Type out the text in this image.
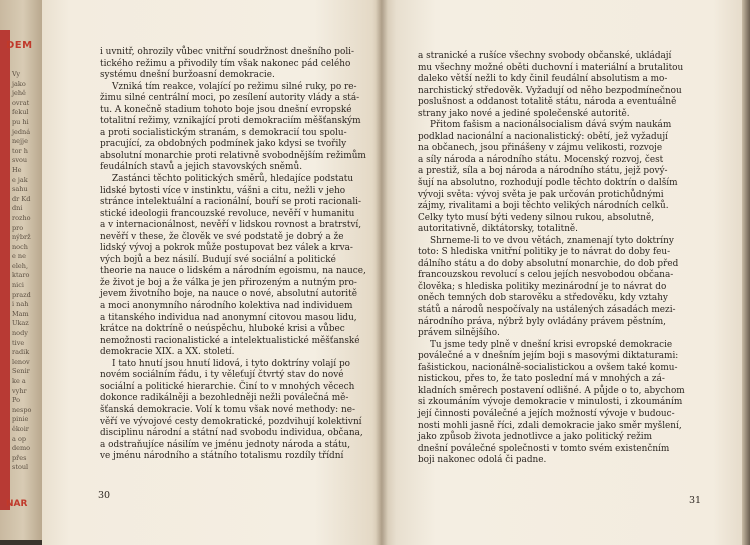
DEM
Vy
jako
jehě
ovrat
fekul
pu hi
jedná
nejje
tor h
svou
He
e jak
sahu
dr Kd
dni
rozho
pro
nýbrž
noch
e ne
eleh,
ktaro
nici
prazd
i nah
Mam
Ukaz
nody
tive
radik
lenov
Senir
ke a
vyhr
Po
nespo
pinie
ěkoir
a op
demo
přes
stoul
NAR
i uvnitř, ohrozily vůbec vnitřní soudržnost dnešního poli-
tického režimu a přivodily tím však nakonec pád celého
systému dnešní buržoasní demokracie.
Vzniká tím reakce, volající po režimu silné ruky, po re-
žimu silné centrální moci, po zesílení autority vlády a stá-
tu. A konečně stadium tohoto boje jsou dnešní evropské
totalitní režimy, vznikající proti demokraciím měšťanským
a proti socialistickým stranám, s demokracií tou spolu-
pracující, za obdobných podmínek jako kdysi se tvořily
absolutní monarchie proti relativně svobodnějším režimům
feudálních stavů a jejich stavovských sněmů.
Zastánci těchto politických směrů, hledajíce podstatu
lidské bytosti více v instinktu, vášni a citu, nežli v jeho
stránce intelektuální a racionální, bouří se proti racionali-
stické ideologii francouzské revoluce, nevěří v humanitu
a v internacionálnost, nevěří v lidskou rovnost a bratrství,
nevěří v these, že člověk ve své podstatě je dobrý a že
lidský vývoj a pokrok může postupovat bez válek a krva-
vých bojů a bez násilí. Budují své sociální a politické
theorie na nauce o lidském a národním egoismu, na nauce,
že život je boj a že válka je jen přirozeným a nutným pro-
jevem životního boje, na nauce o nové, absolutní autoritě
a moci anonymního národního kolektiva nad individuem
a titanského individua nad anonymní citovou masou lidu,
krátce na doktríně o neúspěchu, hluboké krisi a vůbec
nemožnosti racionalistické a intelektualistické měšťanské
demokracie XIX. a XX. století.
I tato hnutí jsou hnutí lidová, i tyto doktríny volají po
novém sociálním řádu, i ty věleťují čtvrtý stav do nové
sociální a politické hierarchie. Činí to v mnohých věcech
dokonce radikálněji a bezohledněji nežli poválečná mě-
šťanská demokracie. Volí k tomu však nové methody: ne-
věří ve vývojové cesty demokratické, pozdvihují kolektivní
disciplinu národní a státní nad svobodu individua, občana,
a odstraňujíce násilím ve jménu jednoty národa a státu,
ve jménu národního a státního totalismu rozdíly třídní
30
a stranické a rušíce všechny svobody občanské, ukládají
mu všechny možné oběti duchovní i materiální a brutalitou
daleko větší nežli to kdy činil feudální absolutism a mo-
narchistický středověk. Vyžadují od něho bezpodmínečnou
poslušnost a oddanost totalitě státu, národa a eventuálně
strany jako nové a jediné společenské autoritě.
Přitom fašism a nacionálsocialism dává svým naukám
podklad nacionální a nacionalistický: obětí, jež vyžadují
na občanech, jsou přinášeny v zájmu velikosti, rozvoje
a síly národa a národního státu. Mocenský rozvoj, čest
a prestiž, síla a boj národa a národního státu, jejž pový-
šují na absolutno, rozhodují podle těchto doktrín o dalším
vývoji světa: vývoj světa je pak určován protichůdnými
zájmy, rivalitami a boji těchto velikých národních celků.
Celky tyto musí býti vedeny silnou rukou, absolutně,
autoritativně, diktátorsky, totalitně.
Shrneme-li to ve dvou větách, znamenají tyto doktríny
toto: S hlediska vnitřní politiky je to návrat do doby feu-
dálního státu a do doby absolutní monarchie, do dob před
francouzskou revolucí s celou jejích nesvobodou občana-
člověka; s hlediska politiky mezinárodní je to návrat do
oněch temných dob starověku a středověku, kdy vztahy
států a národů nespočívaly na ustálených zásadách mezi-
národního práva, nýbrž byly ovládány právem pěstním,
právem silnějšího.
Tu jsme tedy plně v dnešní krisi evropské demokracie
poválečné a v dnešním jejím boji s masovými diktaturami:
fašistickou, nacionálně-socialistickou a ovšem také komu-
nistickou, přes to, že tato poslední má v mnohých a zá-
kladních směrech postavení odlišné. A půjde o to, abychom
si zkoumáním vývoje demokracie v minulosti, i zkoumáním
její činnosti poválečné a jejích možností vývoje v budouc-
nosti mohli jasně říci, zdali demokracie jako směr myšlení,
jako způsob života jednotlivce a jako politický režim
dnešní poválečné společnosti v tomto svém existenčním
boji nakonec odolá či padne.
31
